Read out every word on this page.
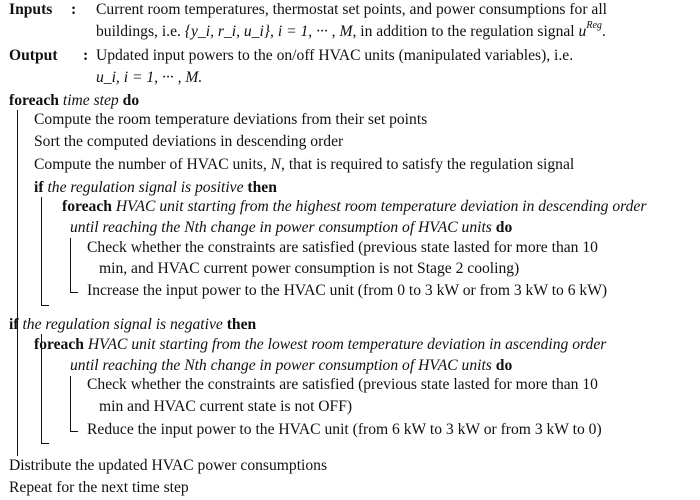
Inputs : Current room temperatures, thermostat set points, and power consumptions for all
buildings, i.e. {y_i, r_i, u_i}, i = 1, ··· , M, in addition to the regulation signal $u^{Reg}$.
Output : Updated input powers to the on/off HVAC units (manipulated variables), i.e.
u_i, i = 1, ··· , M.
foreach time step do
Compute the room temperature deviations from their set points
Sort the computed deviations in descending order
Compute the number of HVAC units, N, that is required to satisfy the regulation signal
if the regulation signal is positive then
foreach HVAC unit starting from the highest room temperature deviation in descending order
until reaching the Nth change in power consumption of HVAC units do
Check whether the constraints are satisfied (previous state lasted for more than 10
min, and HVAC current power consumption is not Stage 2 cooling)
Increase the input power to the HVAC unit (from 0 to 3 kW or from 3 kW to 6 kW)
if the regulation signal is negative then
foreach HVAC unit starting from the lowest room temperature deviation in ascending order
until reaching the Nth change in power consumption of HVAC units do
Check whether the constraints are satisfied (previous state lasted for more than 10
min and HVAC current state is not OFF)
Reduce the input power to the HVAC unit (from 6 kW to 3 kW or from 3 kW to 0)
Distribute the updated HVAC power consumptions
Repeat for the next time step
